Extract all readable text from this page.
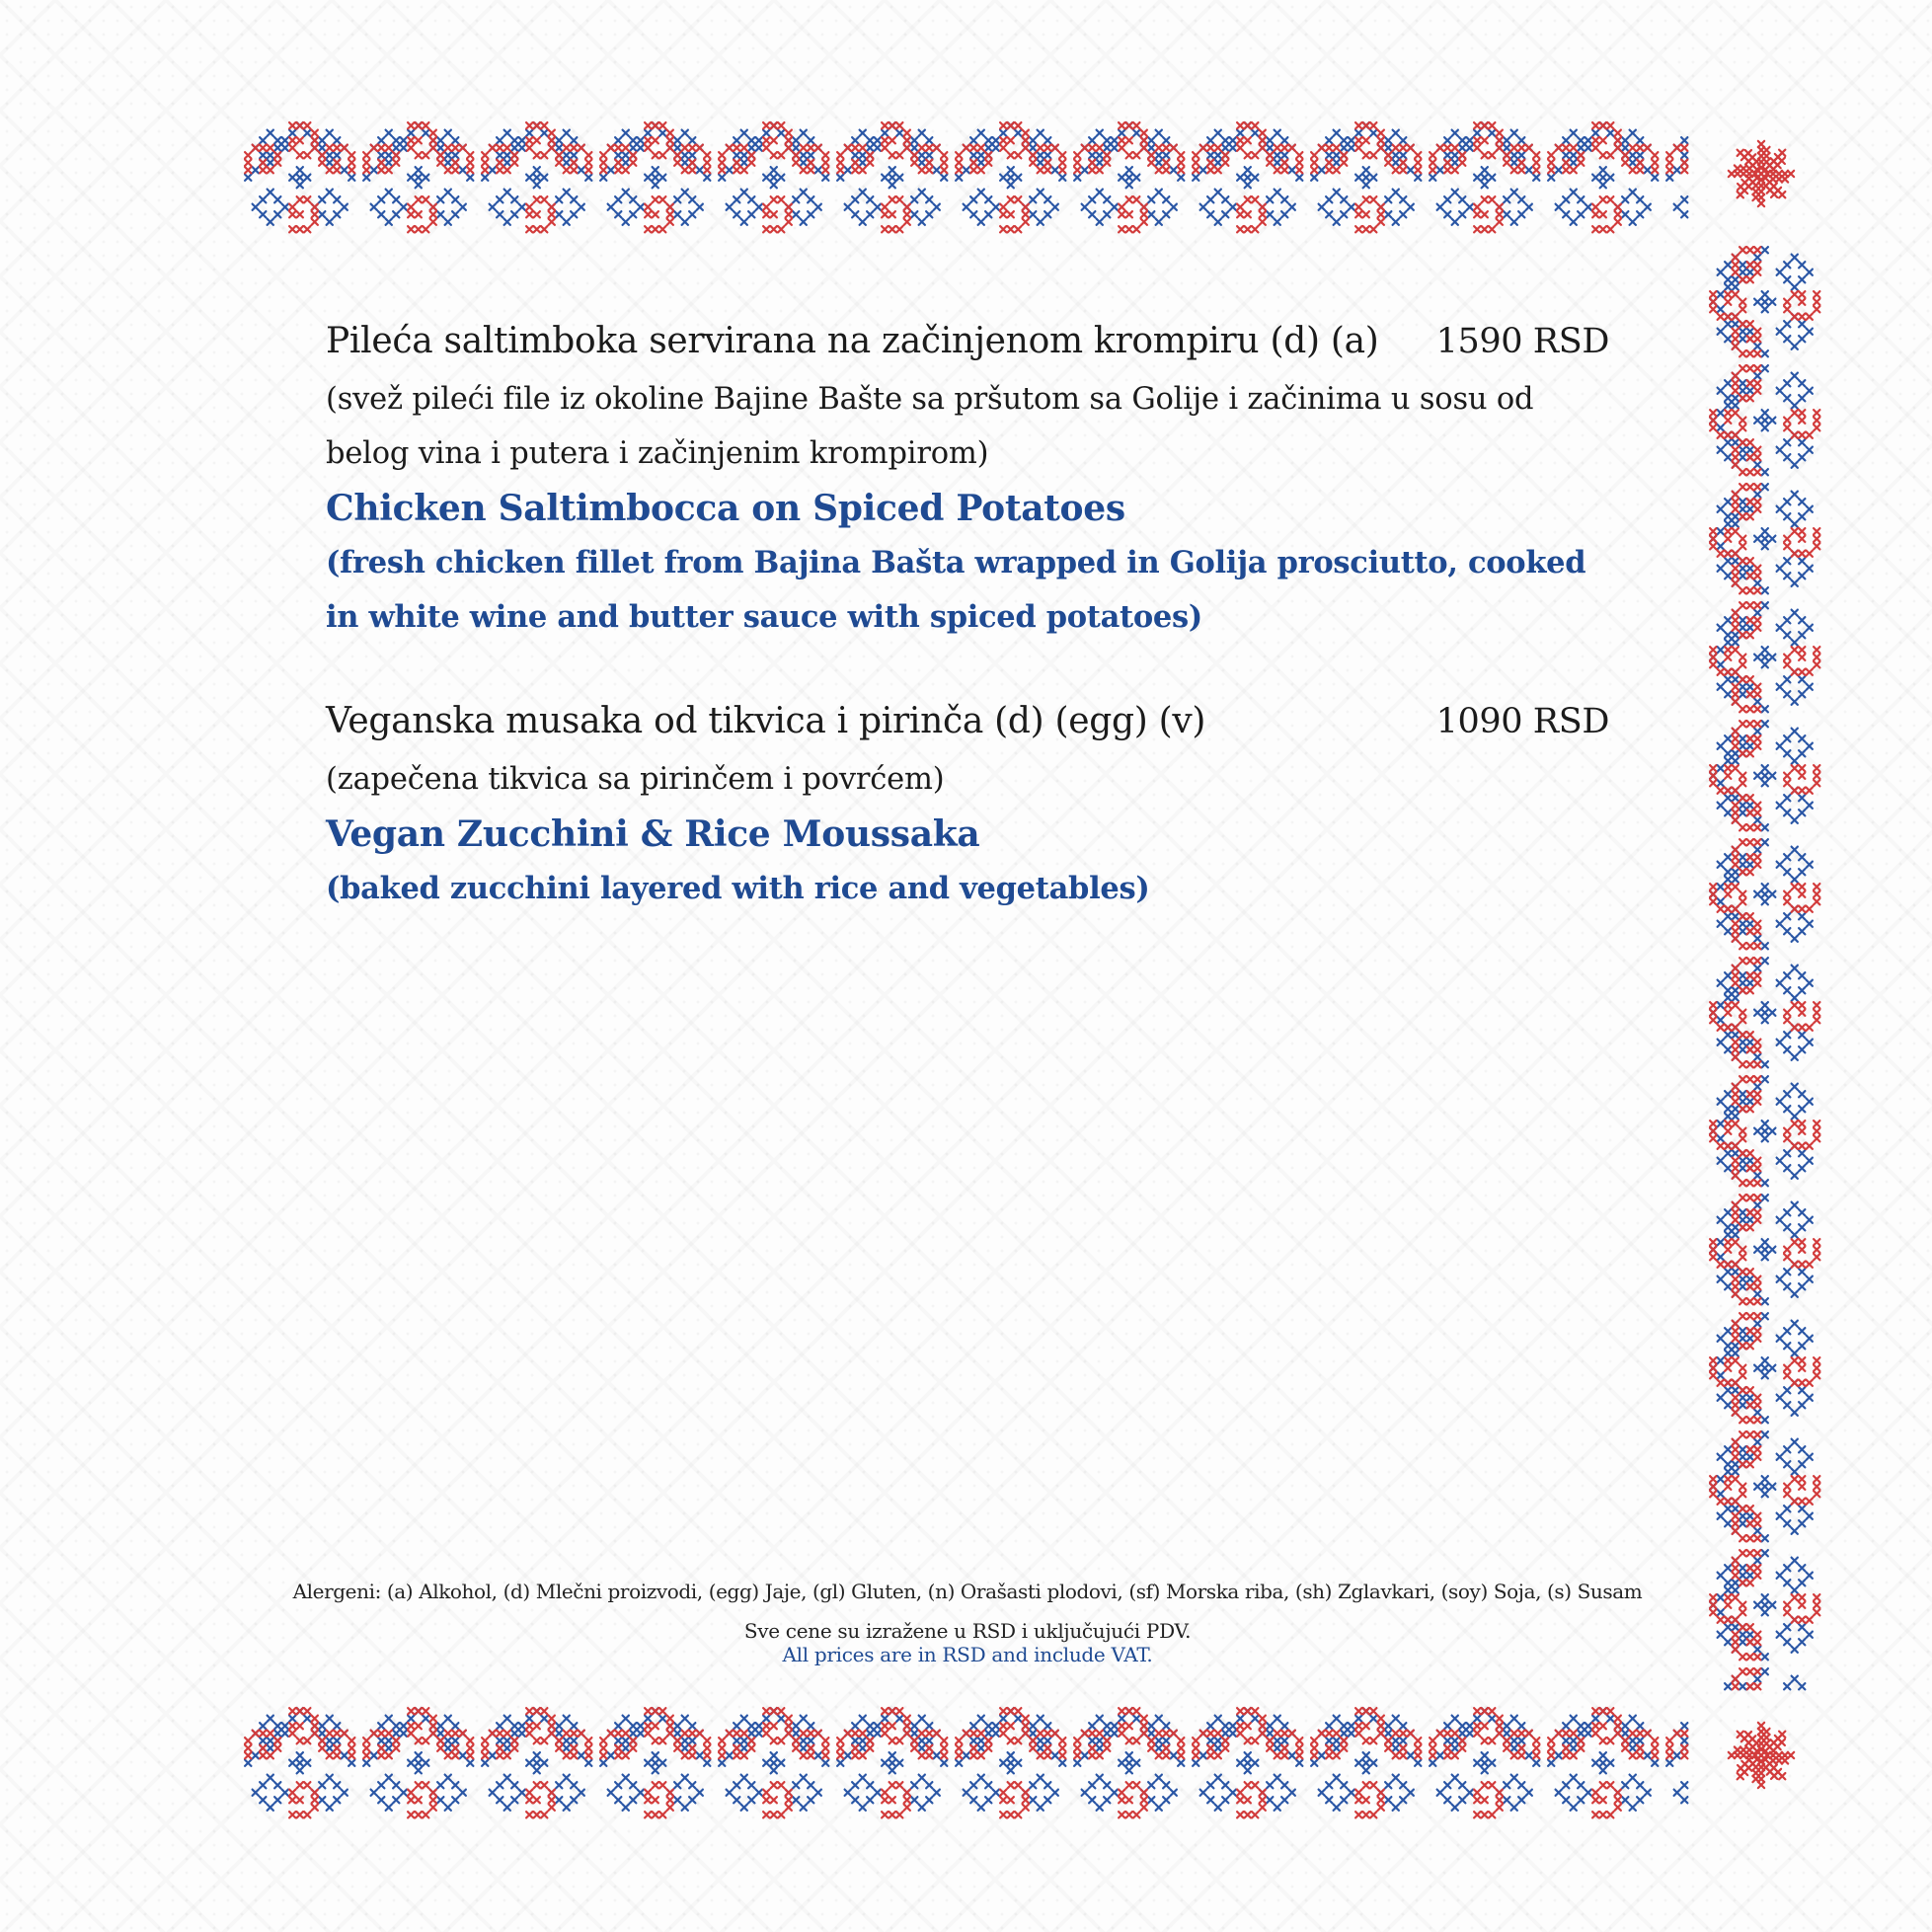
Pileća saltimboka servirana na začinjenom krompiru (d) (a) 1590 RSD
(svež pileći file iz okoline Bajine Bašte sa pršutom sa Golije i začinima u sosu od belog vina i putera i začinjenim krompirom)
Chicken Saltimbocca on Spiced Potatoes
(fresh chicken fillet from Bajina Bašta wrapped in Golija prosciutto, cooked in white wine and butter sauce with spiced potatoes)
Veganska musaka od tikvica i pirinča (d) (egg) (v)	1090 RSD
(zapečena tikvica sa pirinčem i povrćem)
Vegan Zucchini & Rice Moussaka
(baked zucchini layered with rice and vegetables)
Alergeni: (a) Alkohol, (d) Mlečni proizvodi, (egg) Jaje, (gl) Gluten, (n) Orašasti plodovi, (sf) Morska riba, (sh) Zglavkari, (soy) Soja, (s) Susam
Sve cene su izražene u RSD i uključujući PDV.
All prices are in RSD and include VAT.
